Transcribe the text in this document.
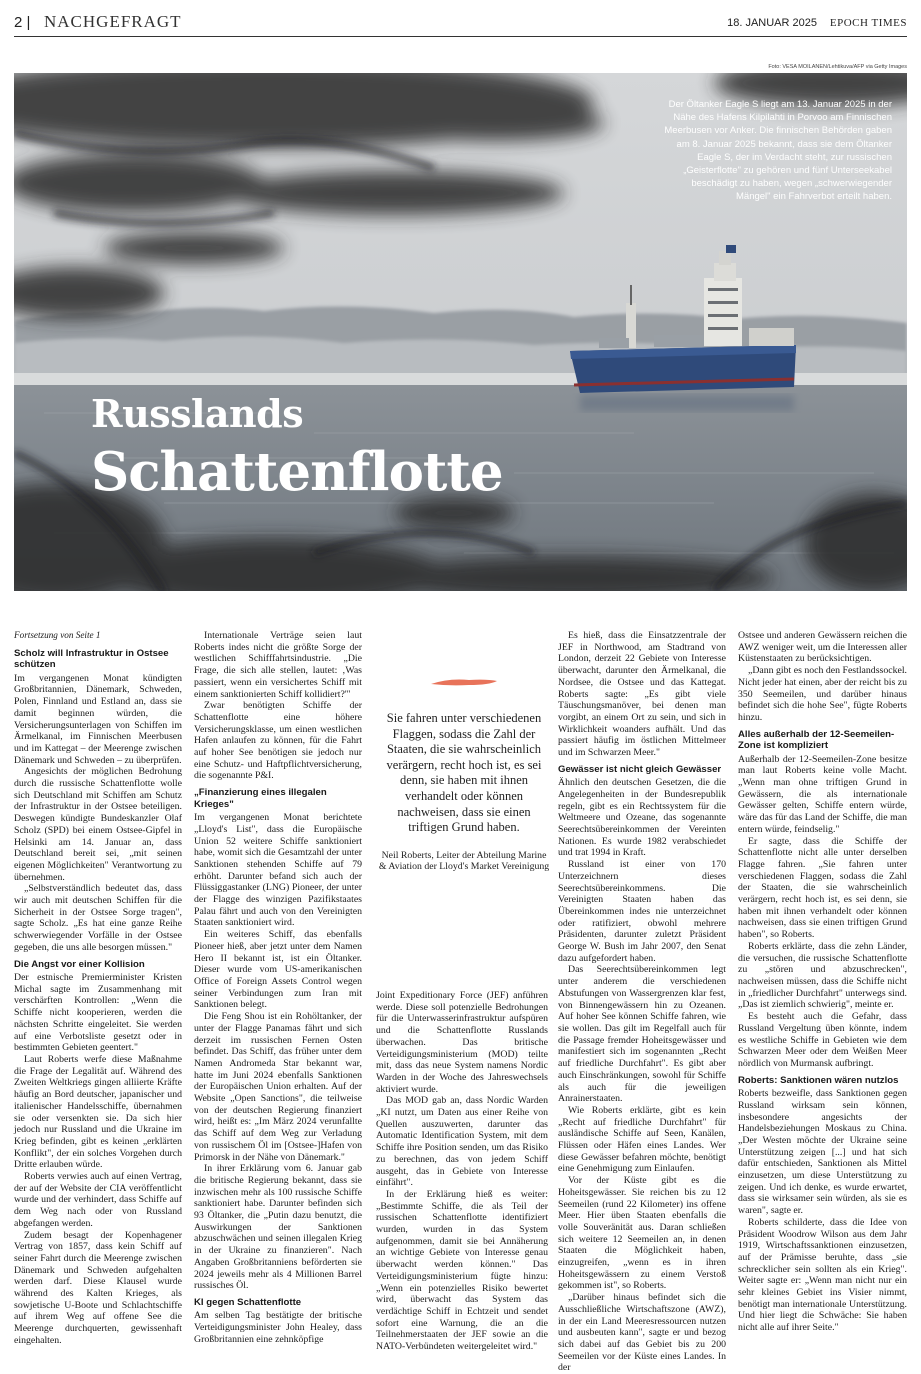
2 | NACHGEFRAGT	18. JANUAR 2025 EPOCH TIMES
Foto: VESA MOILANEN/Lehtikuva/AFP via Getty Images
Der Öltanker Eagle S liegt am 13. Januar 2025 in der Nähe des Hafens Kilpilahti in Porvoo am Finnischen Meerbusen vor Anker. Die finnischen Behörden gaben am 8. Januar 2025 bekannt, dass sie dem Öltanker Eagle S, der im Verdacht steht, zur russischen „Geisterflotte" zu gehören und fünf Unterseekabel beschädigt zu haben, wegen „schwerwiegender Mängel" ein Fahrverbot erteilt haben.
Russlands
Schattenflotte

Fortsetzung von Seite 1

Scholz will Infrastruktur in Ostsee schützen

Im vergangenen Monat kündigten Großbritannien, Dänemark, Schweden, Polen, Finnland und Estland an, dass sie damit beginnen würden, die Versicherungsunterlagen von Schiffen im Ärmelkanal, im Finnischen Meerbusen und im Kattegat – der Meerenge zwischen Dänemark und Schweden – zu überprüfen.

Angesichts der möglichen Bedrohung durch die russische Schattenflotte wolle sich Deutschland mit Schiffen am Schutz der Infrastruktur in der Ostsee beteiligen. Deswegen kündigte Bundeskanzler Olaf Scholz (SPD) bei einem Ostsee-Gipfel in Helsinki am 14. Januar an, dass Deutschland bereit sei, „mit seinen eigenen Möglichkeiten" Verantwortung zu übernehmen.

„Selbstverständlich bedeutet das, dass wir auch mit deutschen Schiffen für die Sicherheit in der Ostsee Sorge tragen", sagte Scholz. „Es hat eine ganze Reihe schwerwiegender Vorfälle in der Ostsee gegeben, die uns alle besorgen müssen."

Die Angst vor einer Kollision

Der estnische Premierminister Kristen Michal sagte im Zusammenhang mit verschärften Kontrollen: „Wenn die Schiffe nicht kooperieren, werden die nächsten Schritte eingeleitet. Sie werden auf eine Verbotsliste gesetzt oder in bestimmten Gebieten geentert."

Laut Roberts werfe diese Maßnahme die Frage der Legalität auf. Während des Zweiten Weltkriegs gingen alliierte Kräfte häufig an Bord deutscher, japanischer und italienischer Handelsschiffe, übernahmen sie oder versenkten sie. Da sich hier jedoch nur Russland und die Ukraine im Krieg befinden, gibt es keinen „erklärten Konflikt", der ein solches Vorgehen durch Dritte erlauben würde.

Roberts verwies auch auf einen Vertrag, der auf der Website der CIA veröffentlicht wurde und der verhindert, dass Schiffe auf dem Weg nach oder von Russland abgefangen werden.

Zudem besagt der Kopenhagener Vertrag von 1857, dass kein Schiff auf seiner Fahrt durch die Meerenge zwischen Dänemark und Schweden aufgehalten werden darf. Diese Klausel wurde während des Kalten Krieges, als sowjetische U-Boote und Schlachtschiffe auf ihrem Weg auf offene See die Meerenge durchquerten, gewissenhaft eingehalten.

Internationale Verträge seien laut Roberts indes nicht die größte Sorge der westlichen Schifffahrtsindustrie. „Die Frage, die sich alle stellen, lautet: ‚Was passiert, wenn ein versichertes Schiff mit einem sanktionierten Schiff kollidiert?'"

Zwar benötigten Schiffe der Schattenflotte eine höhere Versicherungsklasse, um einen westlichen Hafen anlaufen zu können, für die Fahrt auf hoher See benötigen sie jedoch nur eine Schutz- und Haftpflichtversicherung, die sogenannte P&I.

„Finanzierung eines illegalen Krieges"

Im vergangenen Monat berichtete „Lloyd's List", dass die Europäische Union 52 weitere Schiffe sanktioniert habe, womit sich die Gesamtzahl der unter Sanktionen stehenden Schiffe auf 79 erhöht. Darunter befand sich auch der Flüssiggastanker (LNG) Pioneer, der unter der Flagge des winzigen Pazifikstaates Palau fährt und auch von den Vereinigten Staaten sanktioniert wird.

Ein weiteres Schiff, das ebenfalls Pioneer hieß, aber jetzt unter dem Namen Hero II bekannt ist, ist ein Öltanker. Dieser wurde vom US-amerikanischen Office of Foreign Assets Control wegen seiner Verbindungen zum Iran mit Sanktionen belegt.

Die Feng Shou ist ein Rohöltanker, der unter der Flagge Panamas fährt und sich derzeit im russischen Fernen Osten befindet. Das Schiff, das früher unter dem Namen Andromeda Star bekannt war, hatte im Juni 2024 ebenfalls Sanktionen der Europäischen Union erhalten. Auf der Website „Open Sanctions", die teilweise von der deutschen Regierung finanziert wird, heißt es: „Im März 2024 verunfallte das Schiff auf dem Weg zur Verladung von russischem Öl im [Ostsee-]Hafen von Primorsk in der Nähe von Dänemark."

In ihrer Erklärung vom 6. Januar gab die britische Regierung bekannt, dass sie inzwischen mehr als 100 russische Schiffe sanktioniert habe. Darunter befinden sich 93 Öltanker, die „Putin dazu benutzt, die Auswirkungen der Sanktionen abzuschwächen und seinen illegalen Krieg in der Ukraine zu finanzieren". Nach Angaben Großbritanniens beförderten sie 2024 jeweils mehr als 4 Millionen Barrel russisches Öl.

KI gegen Schattenflotte

Am selben Tag bestätigte der britische Verteidigungsminister John Healey, dass Großbritannien eine zehnköpfige

Sie fahren unter verschiedenen Flaggen, sodass die Zahl der Staaten, die sie wahrscheinlich verärgern, recht hoch ist, es sei denn, sie haben mit ihnen verhandelt oder können nachweisen, dass sie einen triftigen Grund haben.
Neil Roberts, Leiter der Abteilung Marine & Aviation der Lloyd's Market Vereinigung

Joint Expeditionary Force (JEF) anführen werde. Diese soll potenzielle Bedrohungen für die Unterwasserinfrastruktur aufspüren und die Schattenflotte Russlands überwachen. Das britische Verteidigungsministerium (MOD) teilte mit, dass das neue System namens Nordic Warden in der Woche des Jahreswechsels aktiviert wurde.

Das MOD gab an, dass Nordic Warden „KI nutzt, um Daten aus einer Reihe von Quellen auszuwerten, darunter das Automatic Identification System, mit dem Schiffe ihre Position senden, um das Risiko zu berechnen, das von jedem Schiff ausgeht, das in Gebiete von Interesse einfährt".

In der Erklärung hieß es weiter: „Bestimmte Schiffe, die als Teil der russischen Schattenflotte identifiziert wurden, wurden in das System aufgenommen, damit sie bei Annäherung an wichtige Gebiete von Interesse genau überwacht werden können." Das Verteidigungsministerium fügte hinzu: „Wenn ein potenzielles Risiko bewertet wird, überwacht das System das verdächtige Schiff in Echtzeit und sendet sofort eine Warnung, die an die Teilnehmerstaaten der JEF sowie an die NATO-Verbündeten weitergeleitet wird."

Es hieß, dass die Einsatzzentrale der JEF in Northwood, am Stadtrand von London, derzeit 22 Gebiete von Interesse überwacht, darunter den Ärmelkanal, die Nordsee, die Ostsee und das Kattegat. Roberts sagte: „Es gibt viele Täuschungsmanöver, bei denen man vorgibt, an einem Ort zu sein, und sich in Wirklichkeit woanders aufhält. Und das passiert häufig im östlichen Mittelmeer und im Schwarzen Meer."

Gewässer ist nicht gleich Gewässer

Ähnlich den deutschen Gesetzen, die die Angelegenheiten in der Bundesrepublik regeln, gibt es ein Rechtssystem für die Weltmeere und Ozeane, das sogenannte Seerechtsübereinkommen der Vereinten Nationen. Es wurde 1982 verabschiedet und trat 1994 in Kraft.

Russland ist einer von 170 Unterzeichnern dieses Seerechtsübereinkommens. Die Vereinigten Staaten haben das Übereinkommen indes nie unterzeichnet oder ratifiziert, obwohl mehrere Präsidenten, darunter zuletzt Präsident George W. Bush im Jahr 2007, den Senat dazu aufgefordert haben.

Das Seerechtsübereinkommen legt unter anderem die verschiedenen Abstufungen von Wassergrenzen klar fest, von Binnengewässern hin zu Ozeanen. Auf hoher See können Schiffe fahren, wie sie wollen. Das gilt im Regelfall auch für die Passage fremder Hoheitsgewässer und manifestiert sich im sogenannten „Recht auf friedliche Durchfahrt". Es gibt aber auch Einschränkungen, sowohl für Schiffe als auch für die jeweiligen Anrainerstaaten.

Wie Roberts erklärte, gibt es kein „Recht auf friedliche Durchfahrt" für ausländische Schiffe auf Seen, Kanälen, Flüssen oder Häfen eines Landes. Wer diese Gewässer befahren möchte, benötigt eine Genehmigung zum Einlaufen.

Vor der Küste gibt es die Hoheitsgewässer. Sie reichen bis zu 12 Seemeilen (rund 22 Kilometer) ins offene Meer. Hier üben Staaten ebenfalls die volle Souveränität aus. Daran schließen sich weitere 12 Seemeilen an, in denen Staaten die Möglichkeit haben, einzugreifen, „wenn es in ihren Hoheitsgewässern zu einem Verstoß gekommen ist", so Roberts.

„Darüber hinaus befindet sich die Ausschließliche Wirtschaftszone (AWZ), in der ein Land Meeresressourcen nutzen und ausbeuten kann", sagte er und bezog sich dabei auf das Gebiet bis zu 200 Seemeilen vor der Küste eines Landes. In der

Ostsee und anderen Gewässern reichen die AWZ weniger weit, um die Interessen aller Küstenstaaten zu berücksichtigen.

„Dann gibt es noch den Festlandssockel. Nicht jeder hat einen, aber der reicht bis zu 350 Seemeilen, und darüber hinaus befindet sich die hohe See", fügte Roberts hinzu.

Alles außerhalb der 12-Seemeilen-Zone ist kompliziert

Außerhalb der 12-Seemeilen-Zone besitze man laut Roberts keine volle Macht. „Wenn man ohne triftigen Grund in Gewässern, die als internationale Gewässer gelten, Schiffe entern würde, wäre das für das Land der Schiffe, die man entern würde, feindselig."

Er sagte, dass die Schiffe der Schattenflotte nicht alle unter derselben Flagge fahren. „Sie fahren unter verschiedenen Flaggen, sodass die Zahl der Staaten, die sie wahrscheinlich verärgern, recht hoch ist, es sei denn, sie haben mit ihnen verhandelt oder können nachweisen, dass sie einen triftigen Grund haben", so Roberts.

Roberts erklärte, dass die zehn Länder, die versuchen, die russische Schattenflotte zu „stören und abzuschrecken", nachweisen müssen, dass die Schiffe nicht in „friedlicher Durchfahrt" unterwegs sind. „Das ist ziemlich schwierig", meinte er.

Es besteht auch die Gefahr, dass Russland Vergeltung üben könnte, indem es westliche Schiffe in Gebieten wie dem Schwarzen Meer oder dem Weißen Meer nördlich von Murmansk aufbringt.

Roberts: Sanktionen wären nutzlos

Roberts bezweifle, dass Sanktionen gegen Russland wirksam sein können, insbesondere angesichts der Handelsbeziehungen Moskaus zu China. „Der Westen möchte der Ukraine seine Unterstützung zeigen [...] und hat sich dafür entschieden, Sanktionen als Mittel einzusetzen, um diese Unterstützung zu zeigen. Und ich denke, es wurde erwartet, dass sie wirksamer sein würden, als sie es waren", sagte er.

Roberts schilderte, dass die Idee von Präsident Woodrow Wilson aus dem Jahr 1919, Wirtschaftssanktionen einzusetzen, auf der Prämisse beruhte, dass „sie schrecklicher sein sollten als ein Krieg". Weiter sagte er: „Wenn man nicht nur ein sehr kleines Gebiet ins Visier nimmt, benötigt man internationale Unterstützung. Und hier liegt die Schwäche: Sie haben nicht alle auf ihrer Seite."
